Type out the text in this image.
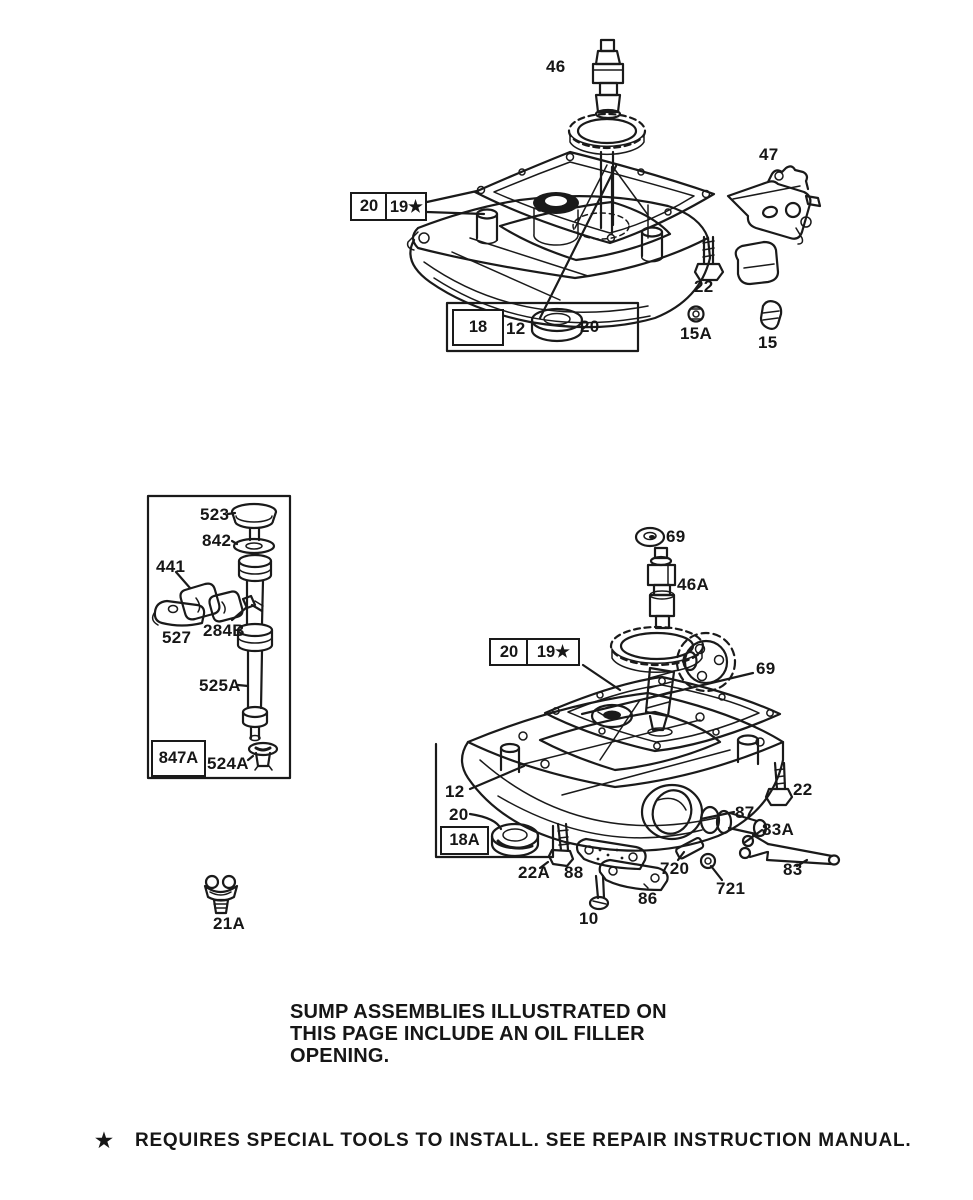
46
47
20 19★
18	12	20
22
15A	15
523
842
441
527 284B
525A
847A 524A
69
46A
20	19★
69
12
20
18A
22
87
83A
83
22A 88	720
721
86
10
21A
SUMP ASSEMBLIES ILLUSTRATED ON
THIS PAGE INCLUDE AN OIL FILLER
OPENING.
★ REQUIRES SPECIAL TOOLS TO INSTALL. SEE REPAIR INSTRUCTION MANUAL.
